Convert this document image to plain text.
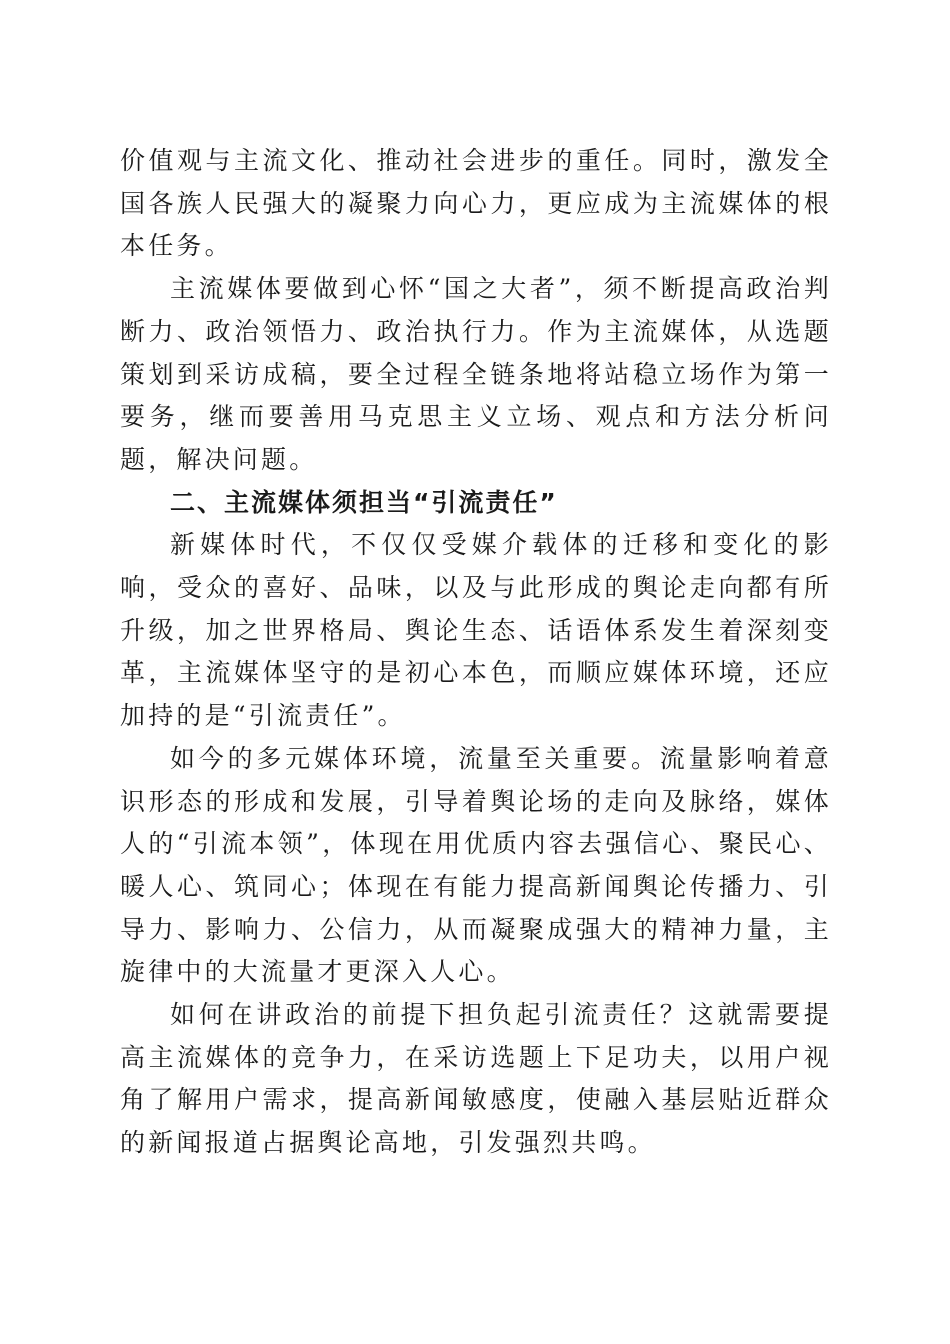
价值观与主流文化、推动社会进步的重任。同时，激发全国各族人民强大的凝聚力向心力，更应成为主流媒体的根本任务。

主流媒体要做到心怀“国之大者”，须不断提高政治判断力、政治领悟力、政治执行力。作为主流媒体，从选题策划到采访成稿，要全过程全链条地将站稳立场作为第一要务，继而要善用马克思主义立场、观点和方法分析问题，解决问题。

二、主流媒体须担当“引流责任”

新媒体时代，不仅仅受媒介载体的迁移和变化的影响，受众的喜好、品味，以及与此形成的舆论走向都有所升级，加之世界格局、舆论生态、话语体系发生着深刻变革，主流媒体坚守的是初心本色，而顺应媒体环境，还应加持的是“引流责任”。

如今的多元媒体环境，流量至关重要。流量影响着意识形态的形成和发展，引导着舆论场的走向及脉络，媒体人的“引流本领”，体现在用优质内容去强信心、聚民心、暖人心、筑同心；体现在有能力提高新闻舆论传播力、引导力、影响力、公信力，从而凝聚成强大的精神力量，主旋律中的大流量才更深入人心。

如何在讲政治的前提下担负起引流责任？这就需要提高主流媒体的竞争力，在采访选题上下足功夫，以用户视角了解用户需求，提高新闻敏感度，使融入基层贴近群众的新闻报道占据舆论高地，引发强烈共鸣。
